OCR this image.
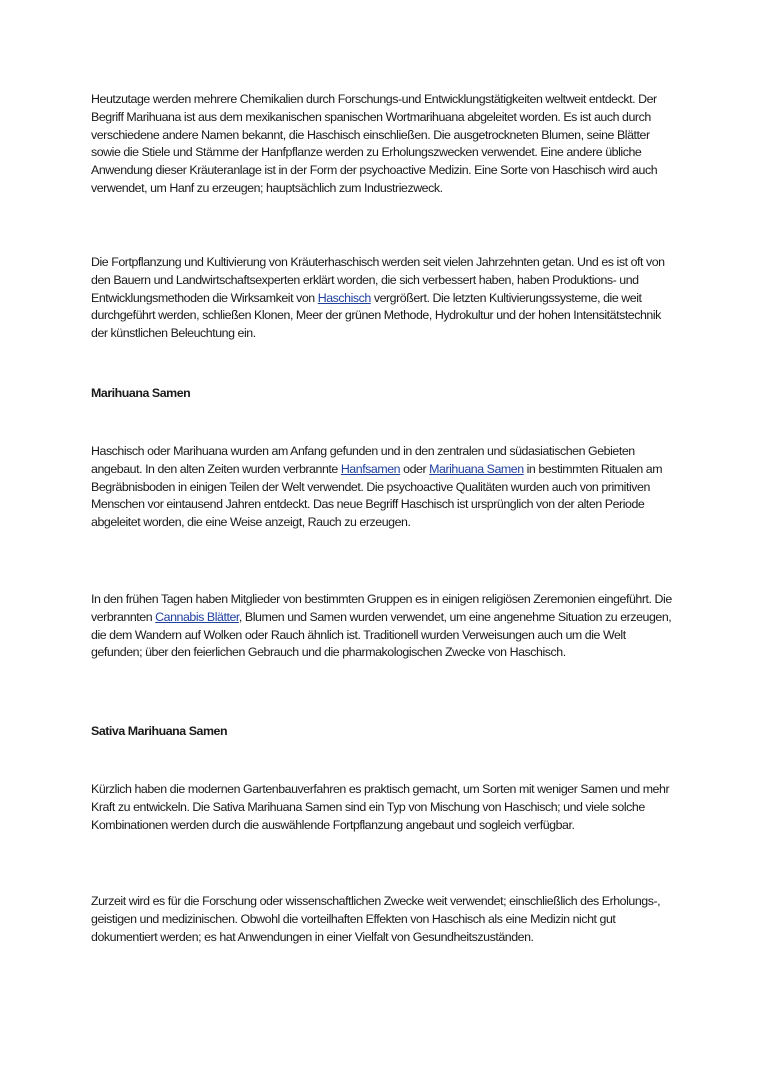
Heutzutage werden mehrere Chemikalien durch Forschungs-und Entwicklungstätigkeiten weltweit entdeckt. Der Begriff Marihuana ist aus dem mexikanischen spanischen Wortmarihuana abgeleitet worden. Es ist auch durch verschiedene andere Namen bekannt, die Haschisch einschließen. Die ausgetrockneten Blumen, seine Blätter sowie die Stiele und Stämme der Hanfpflanze werden zu Erholungszwecken verwendet. Eine andere übliche Anwendung dieser Kräuteranlage ist in der Form der psychoactive Medizin. Eine Sorte von Haschisch wird auch verwendet, um Hanf zu erzeugen; hauptsächlich zum Industriezweck.

Die Fortpflanzung und Kultivierung von Kräuterhaschisch werden seit vielen Jahrzehnten getan. Und es ist oft von den Bauern und Landwirtschaftsexperten erklärt worden, die sich verbessert haben, haben Produktions- und Entwicklungsmethoden die Wirksamkeit von Haschisch vergrößert. Die letzten Kultivierungssysteme, die weit durchgeführt werden, schließen Klonen, Meer der grünen Methode, Hydrokultur und der hohen Intensitätstechnik der künstlichen Beleuchtung ein.

Marihuana Samen

Haschisch oder Marihuana wurden am Anfang gefunden und in den zentralen und südasiatischen Gebieten angebaut. In den alten Zeiten wurden verbrannte Hanfsamen oder Marihuana Samen in bestimmten Ritualen am Begräbnisboden in einigen Teilen der Welt verwendet. Die psychoactive Qualitäten wurden auch von primitiven Menschen vor eintausend Jahren entdeckt. Das neue Begriff Haschisch ist ursprünglich von der alten Periode abgeleitet worden, die eine Weise anzeigt, Rauch zu erzeugen.

In den frühen Tagen haben Mitglieder von bestimmten Gruppen es in einigen religiösen Zeremonien eingeführt. Die verbrannten Cannabis Blätter, Blumen und Samen wurden verwendet, um eine angenehme Situation zu erzeugen, die dem Wandern auf Wolken oder Rauch ähnlich ist. Traditionell wurden Verweisungen auch um die Welt gefunden; über den feierlichen Gebrauch und die pharmakologischen Zwecke von Haschisch.

Sativa Marihuana Samen

Kürzlich haben die modernen Gartenbauverfahren es praktisch gemacht, um Sorten mit weniger Samen und mehr Kraft zu entwickeln. Die Sativa Marihuana Samen sind ein Typ von Mischung von Haschisch; und viele solche Kombinationen werden durch die auswählende Fortpflanzung angebaut und sogleich verfügbar.

Zurzeit wird es für die Forschung oder wissenschaftlichen Zwecke weit verwendet; einschließlich des Erholungs-, geistigen und medizinischen. Obwohl die vorteilhaften Effekten von Haschisch als eine Medizin nicht gut dokumentiert werden; es hat Anwendungen in einer Vielfalt von Gesundheitszuständen.
